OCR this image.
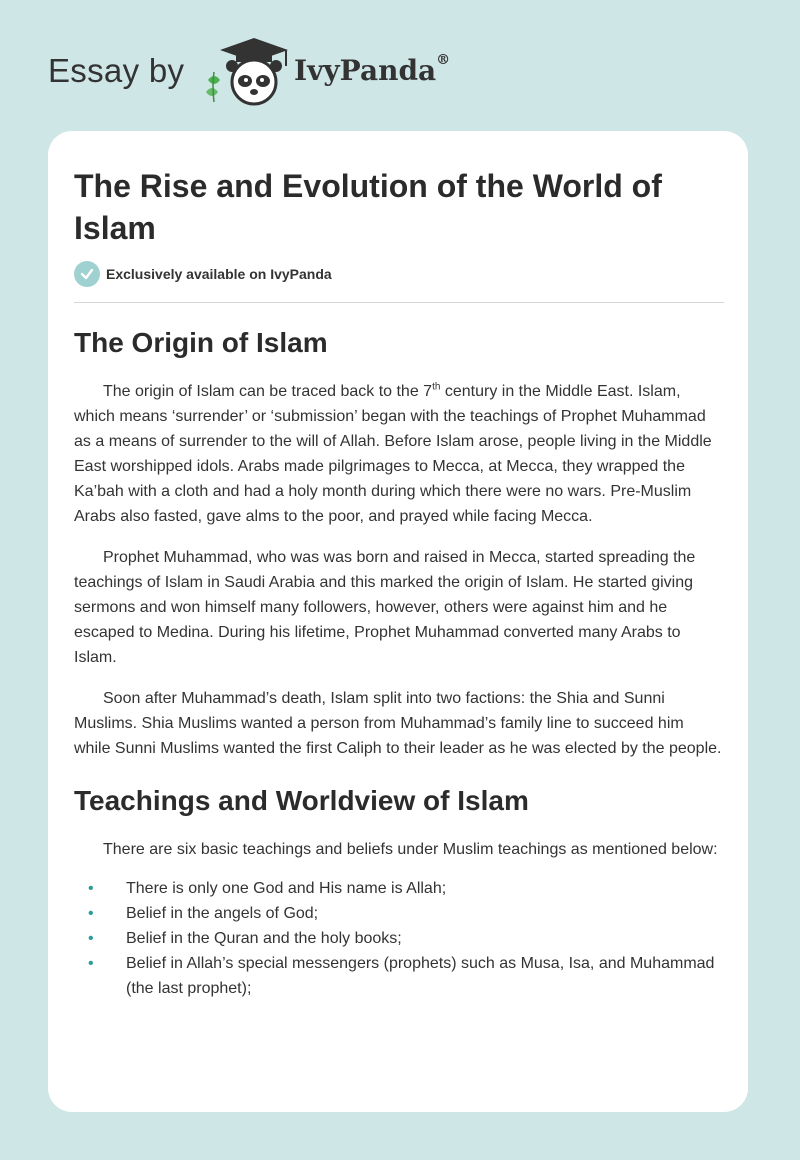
Essay by	IvyPanda®
The Rise and Evolution of the World of Islam
Exclusively available on IvyPanda
The Origin of Islam

The origin of Islam can be traced back to the 7th century in the Middle East. Islam, which means ‘surrender’ or ‘submission’ began with the teachings of Prophet Muhammad as a means of surrender to the will of Allah. Before Islam arose, people living in the Middle East worshipped idols. Arabs made pilgrimages to Mecca, at Mecca, they wrapped the Ka’bah with a cloth and had a holy month during which there were no wars. Pre-Muslim Arabs also fasted, gave alms to the poor, and prayed while facing Mecca.

Prophet Muhammad, who was was born and raised in Mecca, started spreading the teachings of Islam in Saudi Arabia and this marked the origin of Islam. He started giving sermons and won himself many followers, however, others were against him and he escaped to Medina. During his lifetime, Prophet Muhammad converted many Arabs to Islam.

Soon after Muhammad’s death, Islam split into two factions: the Shia and Sunni Muslims. Shia Muslims wanted a person from Muhammad’s family line to succeed him while Sunni Muslims wanted the first Caliph to their leader as he was elected by the people.

Teachings and Worldview of Islam

There are six basic teachings and beliefs under Muslim teachings as mentioned below:

• There is only one God and His name is Allah;
• Belief in the angels of God;
• Belief in the Quran and the holy books;
• Belief in Allah’s special messengers (prophets) such as Musa, Isa, and Muhammad (the last prophet);
